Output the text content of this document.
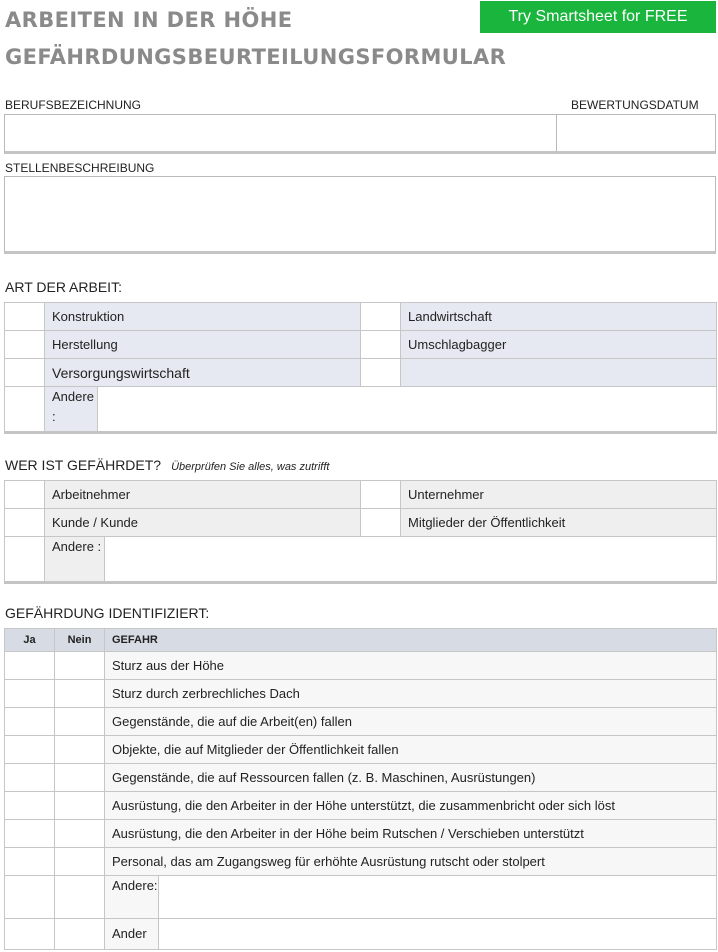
ARBEITEN IN DER HÖHE
GEFÄHRDUNGSBEURTEILUNGSFORMULAR
Try Smartsheet for FREE
BERUFSBEZEICHNUNG	BEWERTUNGSDATUM
STELLENBESCHREIBUNG
ART DER ARBEIT:
	Konstruktion		Landwirtschaft
	Herstellung		Umschlagbagger
	Versorgungswirtschaft		

	Andere :		
WER IST GEFÄHRDET? Überprüfen Sie alles, was zutrifft
	Arbeitnehmer		Unternehmer
	Kunde / Kunde		Mitglieder der Öffentlichkeit

	Andere :		
GEFÄHRDUNG IDENTIFIZIERT:
Ja	Nein	GEFAHR
		Sturz aus der Höhe
		Sturz durch zerbrechliches Dach
		Gegenstände, die auf die Arbeit(en) fallen
		Objekte, die auf Mitglieder der Öffentlichkeit fallen
		Gegenstände, die auf Ressourcen fallen (z. B. Maschinen, Ausrüstungen)
		Ausrüstung, die den Arbeiter in der Höhe unterstützt, die zusammenbricht oder sich löst
		Ausrüstung, die den Arbeiter in der Höhe beim Rutschen / Verschieben unterstützt
		Personal, das am Zugangsweg für erhöhte Ausrüstung rutscht oder stolpert

		Andere:

		Ander
